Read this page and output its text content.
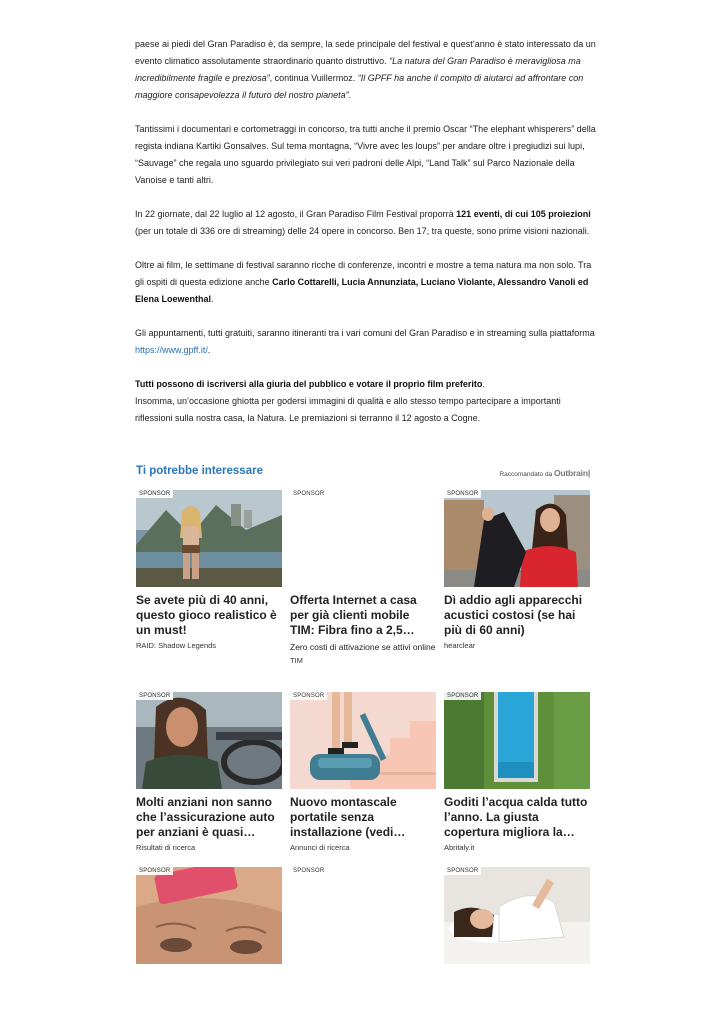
paese ai piedi del Gran Paradiso è, da sempre, la sede principale del festival e quest’anno è stato interessato da un evento climatico assolutamente straordinario quanto distruttivo. “La natura del Gran Paradiso è meravigliosa ma incredibilmente fragile e preziosa”, continua Vuillermoz. “Il GPFF ha anche il compito di aiutarci ad affrontare con maggiore consapevolezza il futuro del nostro pianeta”.

Tantissimi i documentari e cortometraggi in concorso, tra tutti anche il premio Oscar “The elephant whisperers” della regista indiana Kartiki Gonsalves. Sul tema montagna, “Vivre avec les loups” per andare oltre i pregiudizi sui lupi, “Sauvage” che regala uno sguardo privilegiato sui veri padroni delle Alpi, “Land Talk” sul Parco Nazionale della Vanoise e tanti altri.

In 22 giornate, dal 22 luglio al 12 agosto, il Gran Paradiso Film Festival proporrà 121 eventi, di cui 105 proiezioni (per un totale di 336 ore di streaming) delle 24 opere in concorso. Ben 17, tra queste, sono prime visioni nazionali.

Oltre ai film, le settimane di festival saranno ricche di conferenze, incontri e mostre a tema natura ma non solo. Tra gli ospiti di questa edizione anche Carlo Cottarelli, Lucia Annunziata, Luciano Violante, Alessandro Vanoli ed Elena Loewenthal.

Gli appuntamenti, tutti gratuiti, saranno itineranti tra i vari comuni del Gran Paradiso e in streaming sulla piattaforma https://www.gpff.it/.

Tutti possono di iscriversi alla giuria del pubblico e votare il proprio film preferito.
Insomma, un’occasione ghiotta per godersi immagini di qualità e allo stesso tempo partecipare a importanti riflessioni sulla nostra casa, la Natura. Le premiazioni si terranno il 12 agosto a Cogne.

Ti potrebbe interessare	Raccomandato da Outbrain|
SPONSOR
Se avete più di 40 anni, questo gioco realistico è un must!
RAID: Shadow Legends
SPONSOR
Offerta Internet a casa per già clienti mobile TIM: Fibra fino a 2,5…
Zero costi di attivazione se attivi online
TIM
SPONSOR
Dì addio agli apparecchi acustici costosi (se hai più di 60 anni)
hearclear
SPONSOR
Molti anziani non sanno che l’assicurazione auto per anziani è quasi…
Risultati di ricerca
SPONSOR
Nuovo montascale portatile senza installazione (vedi…
Annunci di ricerca
SPONSOR
Goditi l’acqua calda tutto l’anno. La giusta copertura migliora la…
Abritaly.it
SPONSOR	SPONSOR	SPONSOR
